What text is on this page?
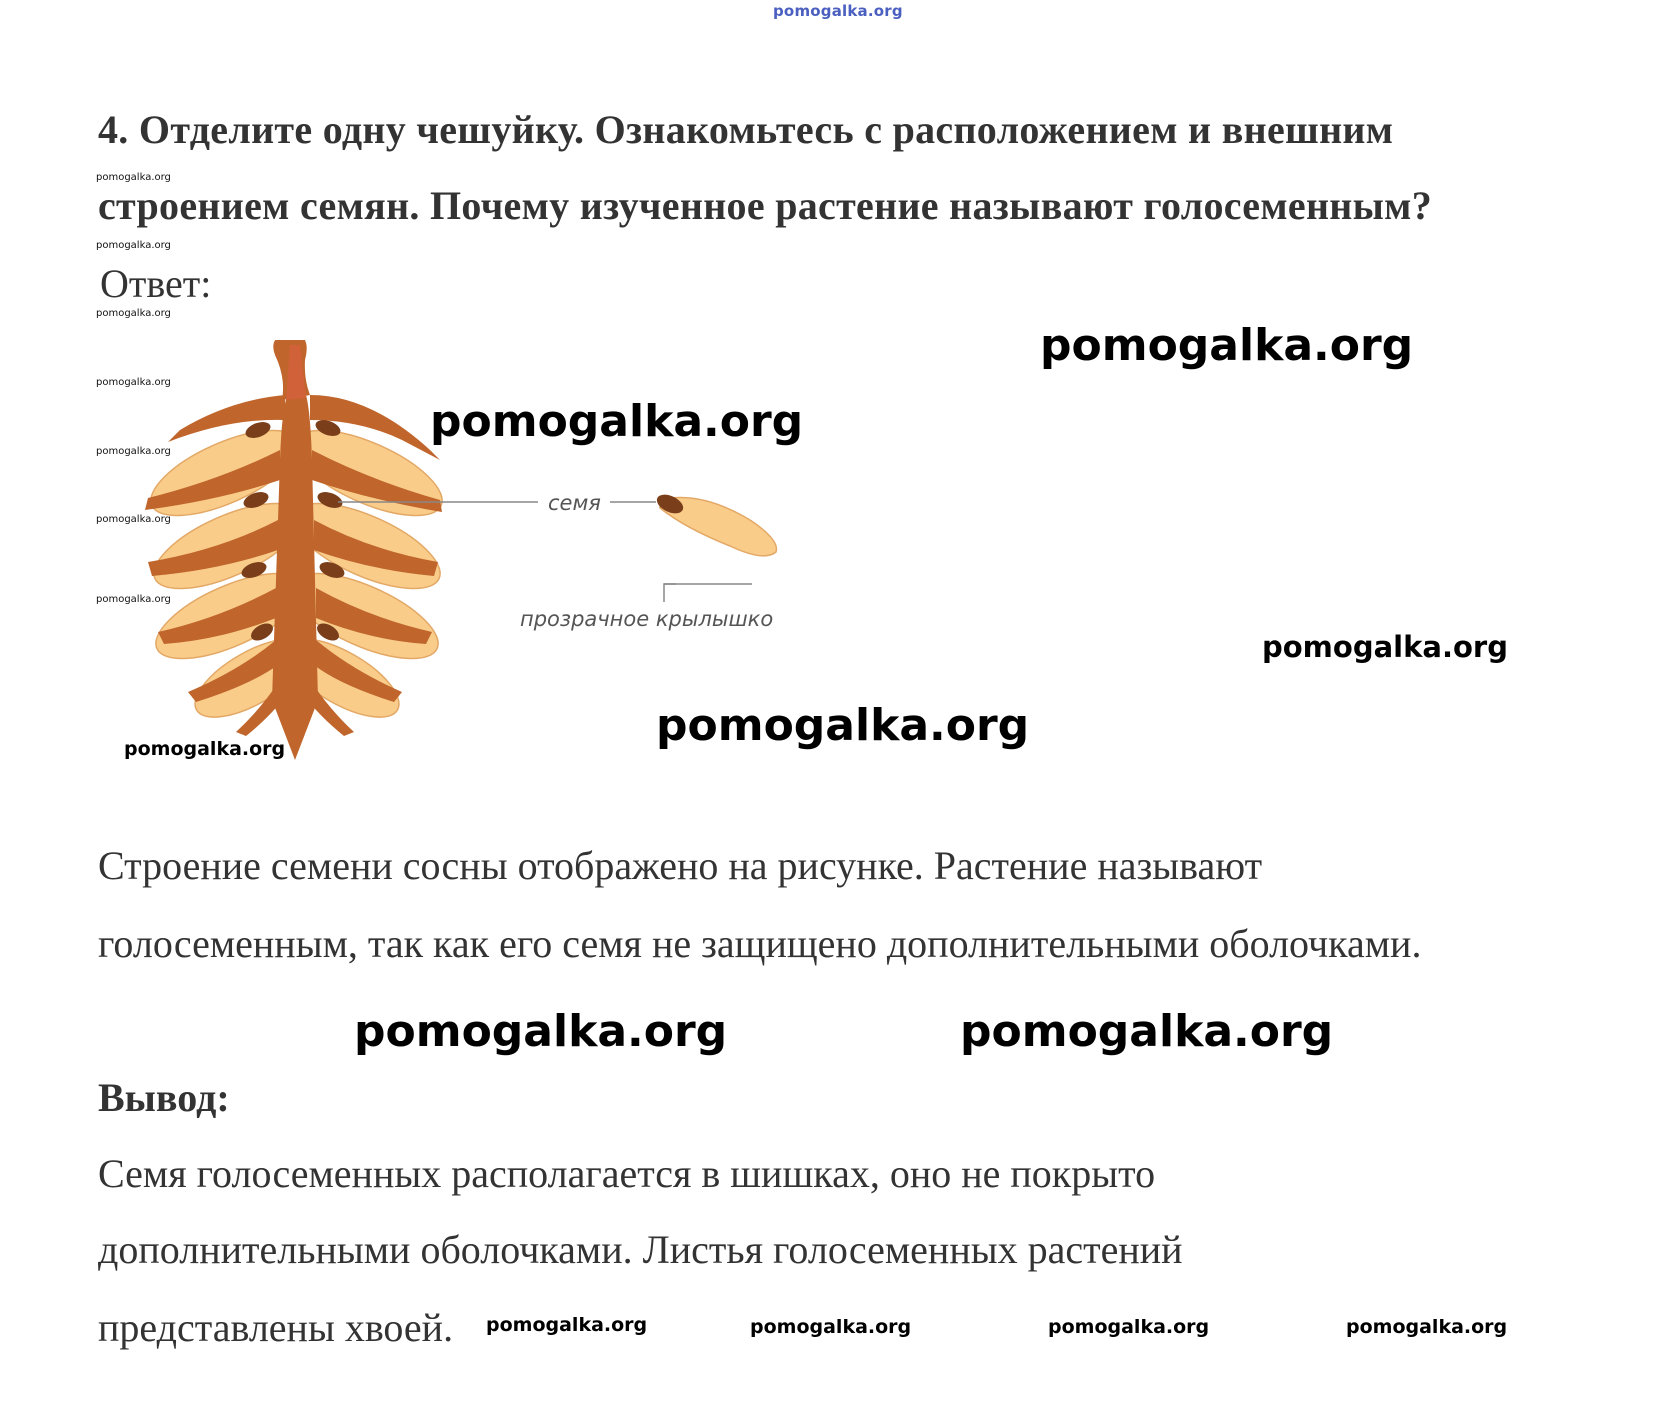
pomogalka.org
4. Отделите одну чешуйку. Ознакомьтесь с расположением и внешним
строением семян. Почему изученное растение называют голосеменным?
Ответ:
pomogalka.org
pomogalka.org
pomogalka.org
pomogalka.org
pomogalka.org
pomogalka.org
pomogalka.org
семя
прозрачное крылышко
pomogalka.org
pomogalka.org
pomogalka.org
pomogalka.org
pomogalka.org
Строение семени сосны отображено на рисунке. Растение называют
голосеменным, так как его семя не защищено дополнительными оболочками.
pomogalka.org	pomogalka.org
Вывод:
Семя голосеменных располагается в шишках, оно не покрыто
дополнительными оболочками. Листья голосеменных растений
представлены хвоей. pomogalka.org	pomogalka.org	pomogalka.org	pomogalka.org
